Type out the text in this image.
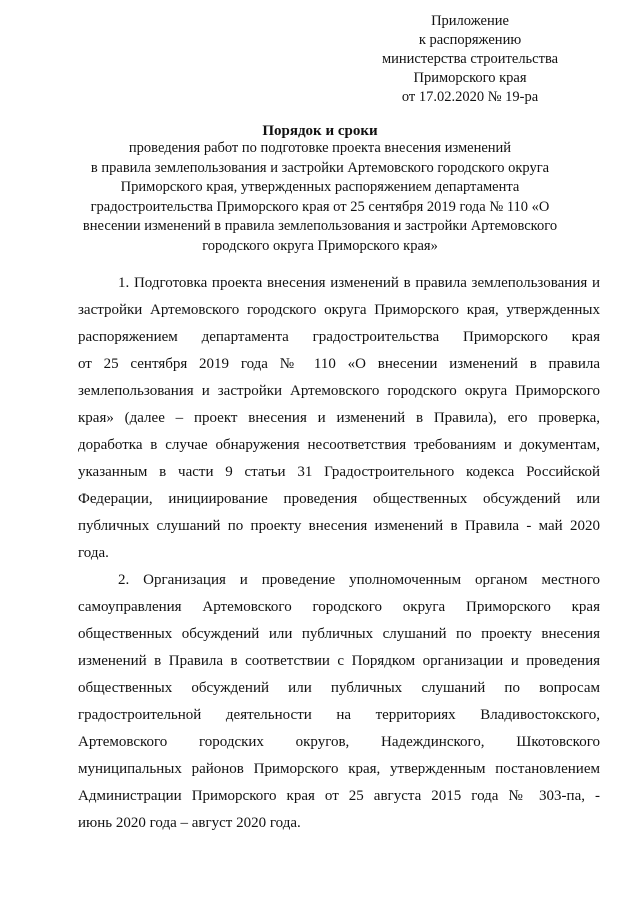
Приложение
к распоряжению
министерства строительства
Приморского края
от 17.02.2020 № 19-ра
Порядок и сроки
проведения работ по подготовке проекта внесения изменений
в правила землепользования и застройки Артемовского городского округа
Приморского края, утвержденных распоряжением департамента
градостроительства Приморского края от 25 сентября 2019 года № 110 «О
внесении изменений в правила землепользования и застройки Артемовского
городского округа Приморского края»

1. Подготовка проекта внесения изменений в правила землепользования и

застройки Артемовского городского округа Приморского края, утвержденных

распоряжением департамента градостроительства Приморского края

от 25 сентября 2019 года № 110 «О внесении изменений в правила

землепользования и застройки Артемовского городского округа Приморского

края» (далее – проект внесения и изменений в Правила), его проверка,

доработка в случае обнаружения несоответствия требованиям и документам,

указанным в части 9 статьи 31 Градостроительного кодекса Российской

Федерации, инициирование проведения общественных обсуждений или

публичных слушаний по проекту внесения изменений в Правила - май 2020

года.

2. Организация и проведение уполномоченным органом местного

самоуправления Артемовского городского округа Приморского края

общественных обсуждений или публичных слушаний по проекту внесения

изменений в Правила в соответствии с Порядком организации и проведения

общественных обсуждений или публичных слушаний по вопросам

градостроительной деятельности на территориях Владивостокского,

Артемовского городских округов, Надеждинского, Шкотовского

муниципальных районов Приморского края, утвержденным постановлением

Администрации Приморского края от 25 августа 2015 года № 303-па, -

июнь 2020 года – август 2020 года.
